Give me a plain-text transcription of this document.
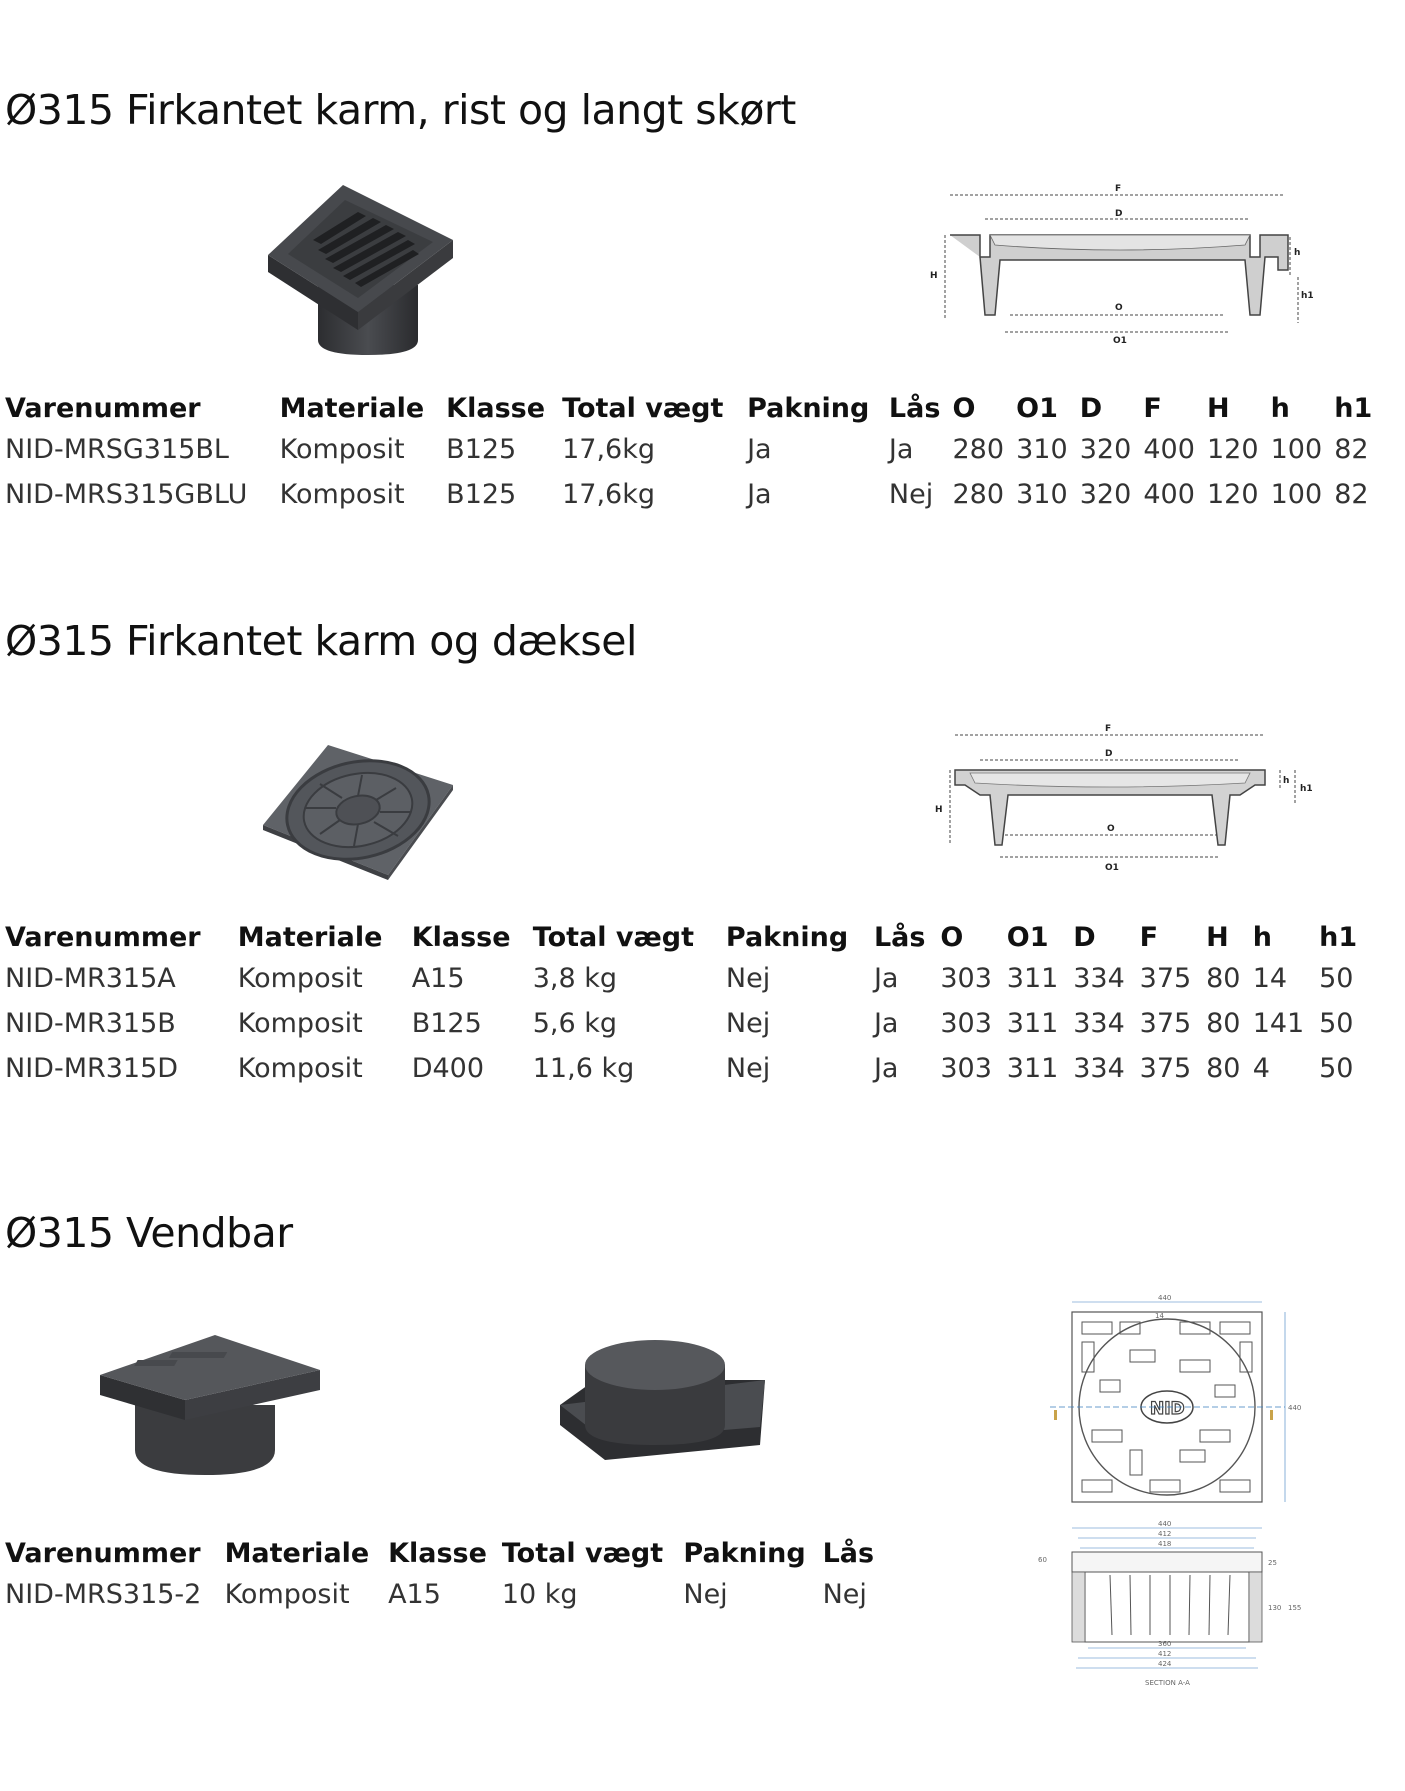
Ø315 Firkantet karm, rist og langt skørt
F
D
H
h
h1
O
O1
Varenummer	Materiale	Klasse	Total vægt	Pakning	Lås	O	O1	D	F	H	h	h1
NID-MRSG315BL	Komposit	B125	17,6kg	Ja	Ja	280	310	320	400	120	100	82
NID-MRS315GBLU	Komposit	B125	17,6kg	Ja	Nej	280	310	320	400	120	100	82
Ø315 Firkantet karm og dæksel
F
D
H
h
h1
O
O1
Varenummer	Materiale	Klasse	Total vægt	Pakning	Lås	O	O1	D	F	H	h	h1
NID-MR315A	Komposit	A15	3,8 kg	Nej	Ja	303	311	334	375	80	14	50
NID-MR315B	Komposit	B125	5,6 kg	Nej	Ja	303	311	334	375	80	141	50
NID-MR315D	Komposit	D400	11,6 kg	Nej	Ja	303	311	334	375	80	4	50
Ø315 Vendbar
NID
440
14
440
440
412
418
60	25
130 155
360
412
424
SECTION A-A
Varenummer	Materiale	Klasse	Total vægt	Pakning	Lås
NID-MRS315-2	Komposit	A15	10 kg	Nej	Nej
